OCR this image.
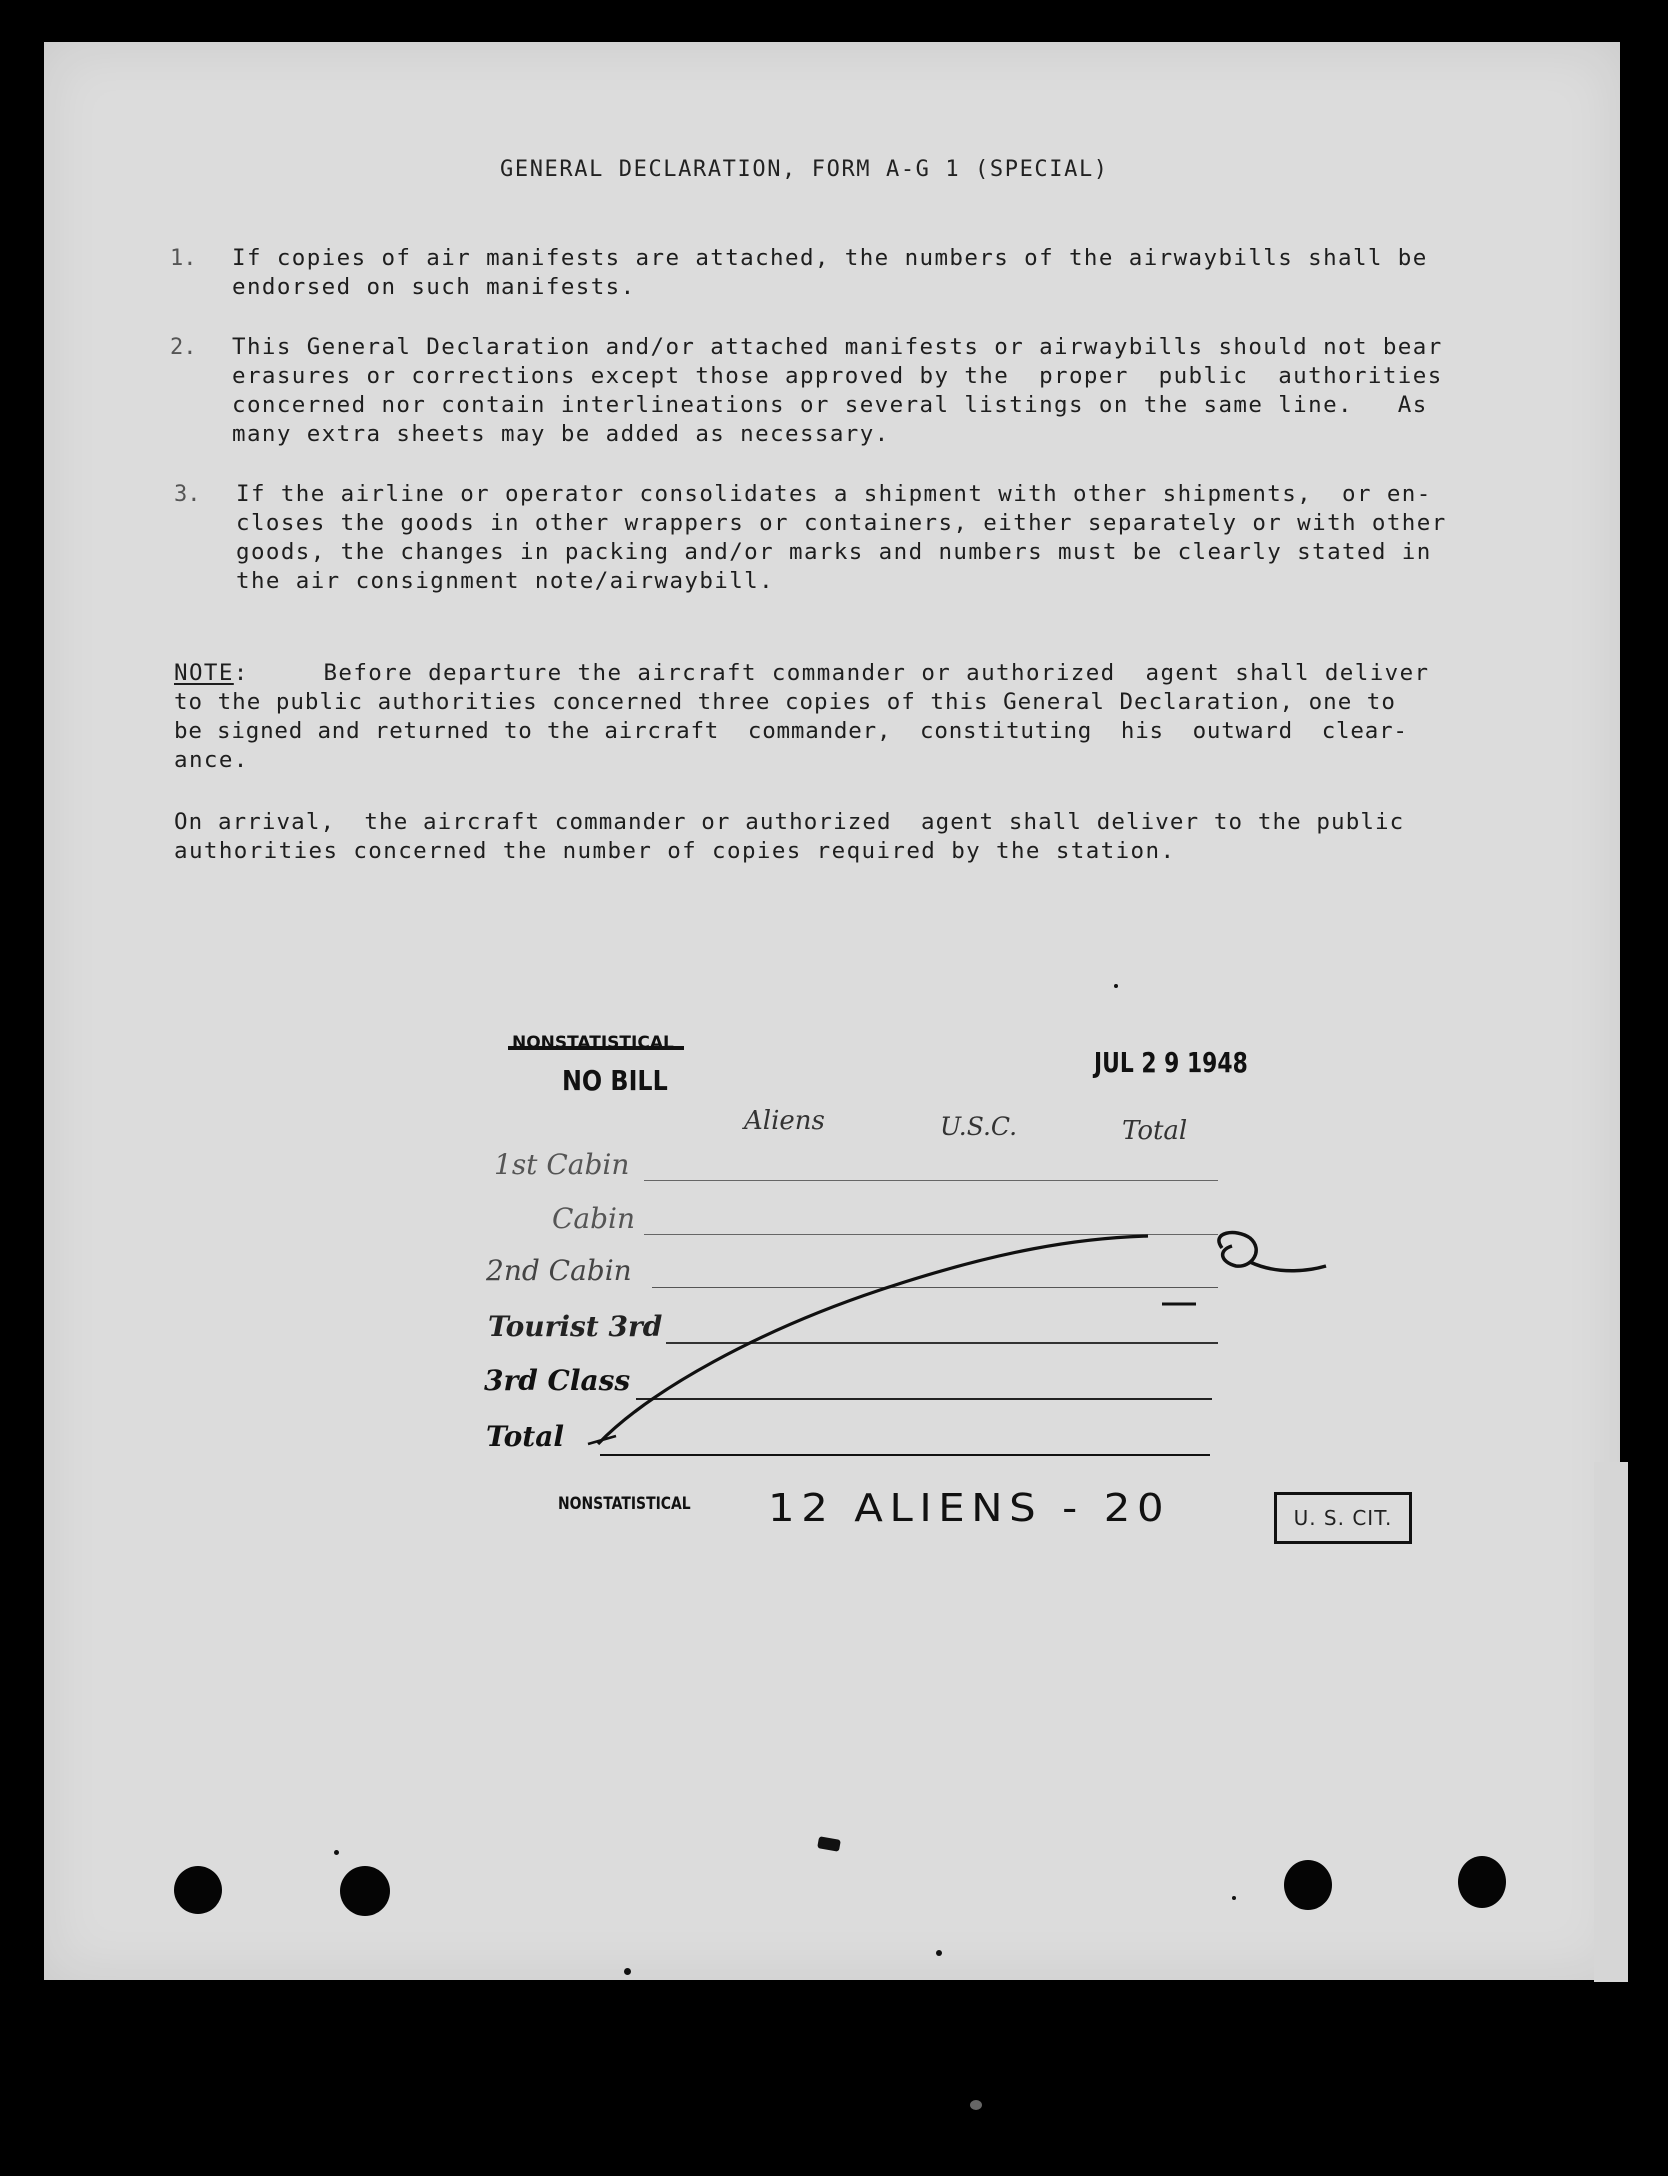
GENERAL DECLARATION, FORM A-G 1 (SPECIAL)
1. If copies of air manifests are attached, the numbers of the airwaybills shall be
endorsed on such manifests.
2. This General Declaration and/or attached manifests or airwaybills should not bear
erasures or corrections except those approved by the  proper  public  authorities
concerned nor contain interlineations or several listings on the same line.   As
many extra sheets may be added as necessary.
3. If the airline or operator consolidates a shipment with other shipments,  or en-
closes the goods in other wrappers or containers, either separately or with other
goods, the changes in packing and/or marks and numbers must be clearly stated in
the air consignment note/airwaybill.
NOTE:     Before departure the aircraft commander or authorized  agent shall deliver
to the public authorities concerned three copies of this General Declaration, one to
be signed and returned to the aircraft  commander,  constituting  his  outward  clear-
ance.
On arrival,  the aircraft commander or authorized  agent shall deliver to the public
authorities concerned the number of copies required by the station.
NONSTATISTICAL
NO BILL
JUL 2 9 1948
Aliens	U.S.C.	Total
1st Cabin
Cabin
2nd Cabin
Tourist 3rd
3rd Class
Total
NONSTATISTICAL 12 ALIENS - 20	U. S. CIT.
